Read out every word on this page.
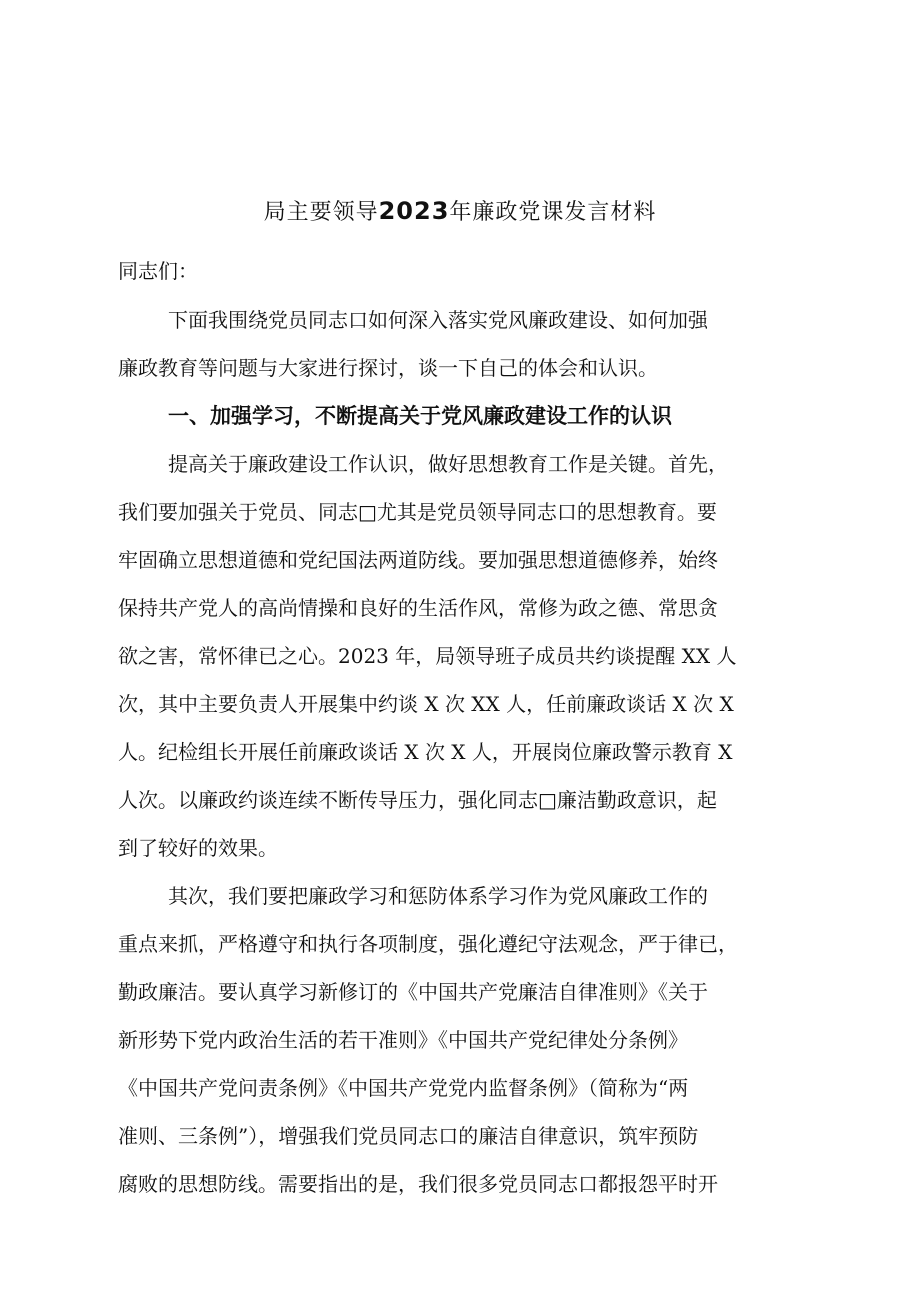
局主要领导2023年廉政党课发言材料
同志们：
下面我围绕党员同志口如何深入落实党风廉政建设、如何加强
廉政教育等问题与大家进行探讨，谈一下自己的体会和认识。
一、加强学习，不断提高关于党风廉政建设工作的认识
提高关于廉政建设工作认识，做好思想教育工作是关键。首先，
我们要加强关于党员、同志□尤其是党员领导同志口的思想教育。要
牢固确立思想道德和党纪国法两道防线。要加强思想道德修养，始终
保持共产党人的高尚情操和良好的生活作风，常修为政之德、常思贪
欲之害，常怀律已之心。2023 年，局领导班子成员共约谈提醒 XX 人
次，其中主要负责人开展集中约谈 X 次 XX 人，任前廉政谈话 X 次 X
人。纪检组长开展任前廉政谈话 X 次 X 人，开展岗位廉政警示教育 X
人次。以廉政约谈连续不断传导压力，强化同志□廉洁勤政意识，起
到了较好的效果。
其次，我们要把廉政学习和惩防体系学习作为党风廉政工作的
重点来抓，严格遵守和执行各项制度，强化遵纪守法观念，严于律已，
勤政廉洁。要认真学习新修订的《中国共产党廉洁自律准则》《关于
新形势下党内政治生活的若干准则》《中国共产党纪律处分条例》
《中国共产党问责条例》《中国共产党党内监督条例》（简称为“两
准则、三条例”），增强我们党员同志口的廉洁自律意识，筑牢预防
腐败的思想防线。需要指出的是，我们很多党员同志口都报怨平时开
